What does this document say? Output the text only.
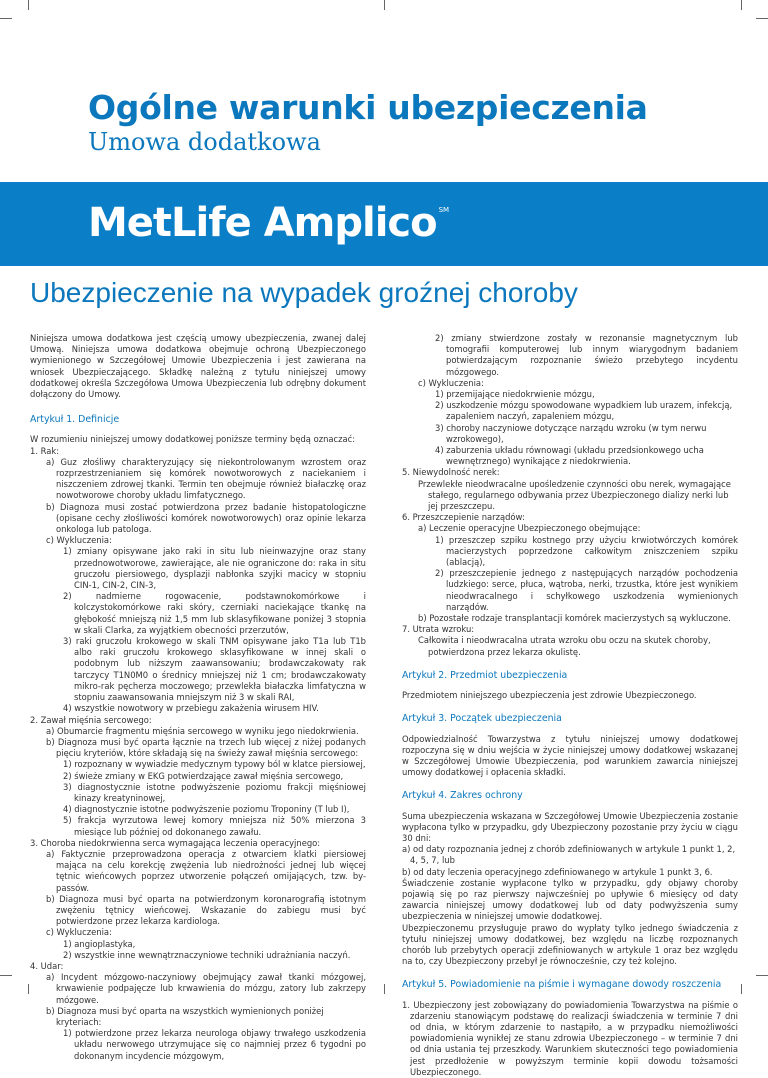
Ogólne warunki ubezpieczenia
Umowa dodatkowa
MetLife Amplico ℠
Ubezpieczenie na wypadek groźnej choroby

Niniejsza umowa dodatkowa jest częścią umowy ubezpieczenia, zwanej dalej Umową. Niniejsza umowa dodatkowa obejmuje ochroną Ubezpieczonego wymienionego w Szczegółowej Umowie Ubezpieczenia i jest zawierana na wniosek Ubezpieczającego. Składkę należną z tytułu niniejszej umowy dodatkowej określa Szczegółowa Umowa Ubezpieczenia lub odrębny dokument dołączony do Umowy.

Artykuł 1. Definicje

W rozumieniu niniejszej umowy dodatkowej poniższe terminy będą oznaczać:

1. Rak:

a) Guz złośliwy charakteryzujący się niekontrolowanym wzrostem oraz rozprzestrzenianiem się komórek nowotworowych z naciekaniem i niszczeniem zdrowej tkanki. Termin ten obejmuje również białaczkę oraz nowotworowe choroby układu limfatycznego.

b) Diagnoza musi zostać potwierdzona przez badanie histopatologiczne (opisane cechy złośliwości komórek nowotworowych) oraz opinie lekarza onkologa lub patologa.

c) Wykluczenia:

1) zmiany opisywane jako raki in situ lub nieinwazyjne oraz stany przednowotworowe, zawierające, ale nie ograniczone do: raka in situ gruczołu piersiowego, dysplazji nabłonka szyjki macicy w stopniu CIN-1, CIN-2, CIN-3,

2) nadmierne rogowacenie, podstawnokomórkowe i kolczystokomórkowe raki skóry, czerniaki naciekające tkankę na głębokość mniejszą niż 1,5 mm lub sklasyfikowane poniżej 3 stopnia w skali Clarka, za wyjątkiem obecności przerzutów,

3) raki gruczołu krokowego w skali TNM opisywane jako T1a lub T1b albo raki gruczołu krokowego sklasyfikowane w innej skali o podobnym lub niższym zaawansowaniu; brodawczakowaty rak tarczycy T1N0M0 o średnicy mniejszej niż 1 cm; brodawczakowaty mikro-rak pęcherza moczowego; przewlekła białaczka limfatyczna w stopniu zaawansowania mniejszym niż 3 w skali RAI,

4) wszystkie nowotwory w przebiegu zakażenia wirusem HIV.

2. Zawał mięśnia sercowego:

a) Obumarcie fragmentu mięśnia sercowego w wyniku jego niedokrwienia.

b) Diagnoza musi być oparta łącznie na trzech lub więcej z niżej podanych pięciu kryteriów, które składają się na świeży zawał mięśnia sercowego:

1) rozpoznany w wywiadzie medycznym typowy ból w klatce piersiowej,

2) świeże zmiany w EKG potwierdzające zawał mięśnia sercowego,

3) diagnostycznie istotne podwyższenie poziomu frakcji mięśniowej kinazy kreatyninowej,

4) diagnostycznie istotne podwyższenie poziomu Troponiny (T lub I),

5) frakcja wyrzutowa lewej komory mniejsza niż 50% mierzona 3 miesiące lub później od dokonanego zawału.

3. Choroba niedokrwienna serca wymagająca leczenia operacyjnego:

a) Faktycznie przeprowadzona operacja z otwarciem klatki piersiowej mająca na celu korekcję zwężenia lub niedrożności jednej lub więcej tętnic wieńcowych poprzez utworzenie połączeń omijających, tzw. by-passów.

b) Diagnoza musi być oparta na potwierdzonym koronarografią istotnym zwężeniu tętnicy wieńcowej. Wskazanie do zabiegu musi być potwierdzone przez lekarza kardiologa.

c) Wykluczenia:

1) angioplastyka,

2) wszystkie inne wewnątrznaczyniowe techniki udrażniania naczyń.

4. Udar:

a) Incydent mózgowo-naczyniowy obejmujący zawał tkanki mózgowej, krwawienie podpajęcze lub krwawienia do mózgu, zatory lub zakrzepy mózgowe.

b) Diagnoza musi być oparta na wszystkich wymienionych poniżej kryteriach:

1) potwierdzone przez lekarza neurologa objawy trwałego uszkodzenia układu nerwowego utrzymujące się co najmniej przez 6 tygodni po dokonanym incydencie mózgowym,

2) zmiany stwierdzone zostały w rezonansie magnetycznym lub tomografii komputerowej lub innym wiarygodnym badaniem potwierdzającym rozpoznanie świeżo przebytego incydentu mózgowego.

c) Wykluczenia:

1) przemijające niedokrwienie mózgu,

2) uszkodzenie mózgu spowodowane wypadkiem lub urazem, infekcją, zapaleniem naczyń, zapaleniem mózgu,

3) choroby naczyniowe dotyczące narządu wzroku (w tym nerwu wzrokowego),

4) zaburzenia układu równowagi (układu przedsionkowego ucha wewnętrznego) wynikające z niedokrwienia.

5. Niewydolność nerek:

Przewlekłe nieodwracalne upośledzenie czynności obu nerek, wymagające stałego, regularnego odbywania przez Ubezpieczonego dializy nerki lub jej przeszczepu.

6. Przeszczepienie narządów:

a) Leczenie operacyjne Ubezpieczonego obejmujące:

1) przeszczep szpiku kostnego przy użyciu krwiotwórczych komórek macierzystych poprzedzone całkowitym zniszczeniem szpiku (ablacją),

2) przeszczepienie jednego z następujących narządów pochodzenia ludzkiego: serce, płuca, wątroba, nerki, trzustka, które jest wynikiem nieodwracalnego i schyłkowego uszkodzenia wymienionych narządów.

b) Pozostałe rodzaje transplantacji komórek macierzystych są wykluczone.

7. Utrata wzroku:

Całkowita i nieodwracalna utrata wzroku obu oczu na skutek choroby, potwierdzona przez lekarza okulistę.

Artykuł 2. Przedmiot ubezpieczenia

Przedmiotem niniejszego ubezpieczenia jest zdrowie Ubezpieczonego.

Artykuł 3. Początek ubezpieczenia

Odpowiedzialność Towarzystwa z tytułu niniejszej umowy dodatkowej rozpoczyna się w dniu wejścia w życie niniejszej umowy dodatkowej wskazanej w Szczegółowej Umowie Ubezpieczenia, pod warunkiem zawarcia niniejszej umowy dodatkowej i opłacenia składki.

Artykuł 4. Zakres ochrony

Suma ubezpieczenia wskazana w Szczegółowej Umowie Ubezpieczenia zostanie wypłacona tylko w przypadku, gdy Ubezpieczony pozostanie przy życiu w ciągu 30 dni:

a) od daty rozpoznania jednej z chorób zdefiniowanych w artykule 1 punkt 1, 2, 4, 5, 7, lub

b) od daty leczenia operacyjnego zdefiniowanego w artykule 1 punkt 3, 6.

Świadczenie zostanie wypłacone tylko w przypadku, gdy objawy choroby pojawią się po raz pierwszy najwcześniej po upływie 6 miesięcy od daty zawarcia niniejszej umowy dodatkowej lub od daty podwyższenia sumy ubezpieczenia w niniejszej umowie dodatkowej.

Ubezpieczonemu przysługuje prawo do wypłaty tylko jednego świadczenia z tytułu niniejszej umowy dodatkowej, bez względu na liczbę rozpoznanych chorób lub przebytych operacji zdefiniowanych w artykule 1 oraz bez względu na to, czy Ubezpieczony przebył je równocześnie, czy też kolejno.

Artykuł 5. Powiadomienie na piśmie i wymagane dowody roszczenia

1. Ubezpieczony jest zobowiązany do powiadomienia Towarzystwa na piśmie o zdarzeniu stanowiącym podstawę do realizacji świadczenia w terminie 7 dni od dnia, w którym zdarzenie to nastąpiło, a w przypadku niemożliwości powiadomienia wynikłej ze stanu zdrowia Ubezpieczonego – w terminie 7 dni od dnia ustania tej przeszkody. Warunkiem skuteczności tego powiadomienia jest przedłożenie w powyższym terminie kopii dowodu tożsamości Ubezpieczonego.
